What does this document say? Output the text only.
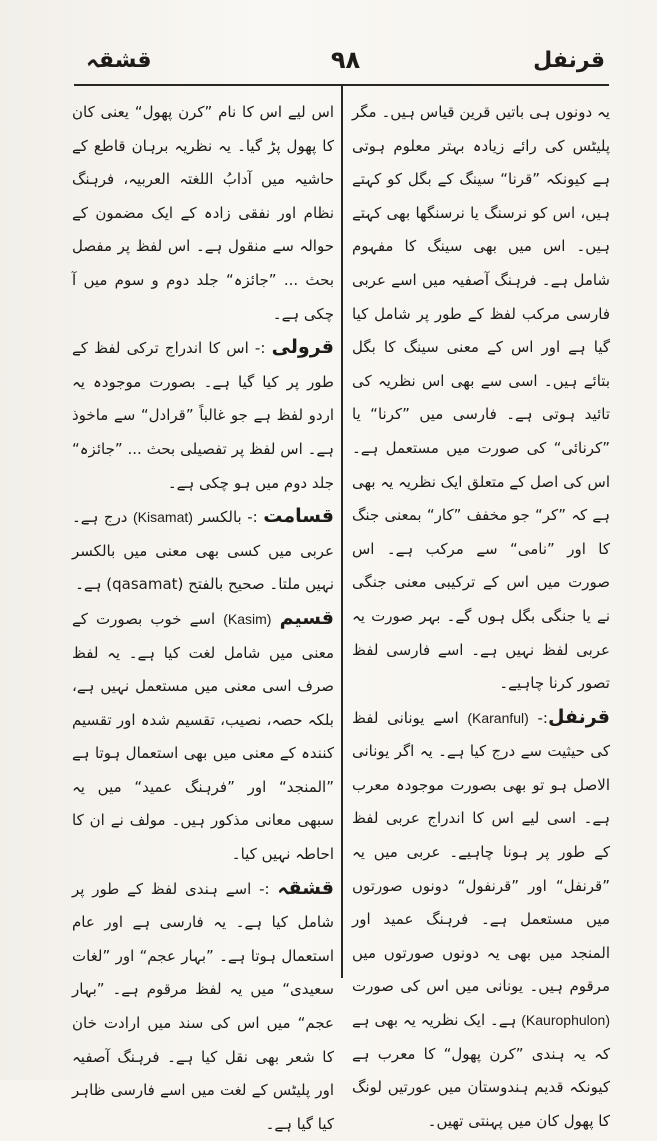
قرنفل
۹۸
قشقہ

یہ دونوں ہی باتیں قرین قیاس ہیں۔ مگر پلیٹس کی رائے زیادہ بہتر معلوم ہوتی ہے کیونکہ ”قرنا“ سینگ کے بگل کو کہتے ہیں، اس کو نرسنگ یا نرسنگھا بھی کہتے ہیں۔ اس میں بھی سینگ کا مفہوم شامل ہے۔ فرہنگ آصفیہ میں اسے عربی فارسی مرکب لفظ کے طور پر شامل کیا گیا ہے اور اس کے معنی سینگ کا بگل بتائے ہیں۔ اسی سے بھی اس نظریہ کی تائید ہوتی ہے۔ فارسی میں ”کرنا“ یا ”کرنائی“ کی صورت میں مستعمل ہے۔ اس کی اصل کے متعلق ایک نظریہ یہ بھی ہے کہ ”کر“ جو مخفف ”کار“ بمعنی جنگ کا اور ”نامی“ سے مرکب ہے۔ اس صورت میں اس کے ترکیبی معنی جنگی نے یا جنگی بگل ہوں گے۔ بہر صورت یہ عربی لفظ نہیں ہے۔ اسے فارسی لفظ تصور کرنا چاہیے۔

قرنفل:- (Karanful) اسے یونانی لفظ کی حیثیت سے درج کیا ہے۔ یہ اگر یونانی الاصل ہو تو بھی بصورت موجودہ معرب ہے۔ اسی لیے اس کا اندراج عربی لفظ کے طور پر ہونا چاہیے۔ عربی میں یہ ”قرنفل“ اور ”قرنفول“ دونوں صورتوں میں مستعمل ہے۔ فرہنگ عمید اور المنجد میں بھی یہ دونوں صورتوں میں مرقوم ہیں۔ یونانی میں اس کی صورت (Kaurophulon) ہے۔ ایک نظریہ یہ بھی ہے کہ یہ ہندی ”کرن پھول“ کا معرب ہے کیونکہ قدیم ہندوستان میں عورتیں لونگ کا پھول کان میں پہنتی تھیں۔

اس لیے اس کا نام ”کرن پھول“ یعنی کان کا پھول پڑ گیا۔ یہ نظریہ برہان قاطع کے حاشیہ میں آدابُ اللغتہ العربیہ، فرہنگ نظام اور نفقی زادہ کے ایک مضمون کے حوالہ سے منقول ہے۔ اس لفظ پر مفصل بحث ... ”جائزہ“ جلد دوم و سوم میں آ چکی ہے۔

قرولی :- اس کا اندراج ترکی لفظ کے طور پر کیا گیا ہے۔ بصورت موجودہ یہ اردو لفظ ہے جو غالباً ”قرادل“ سے ماخوذ ہے۔ اس لفظ پر تفصیلی بحث ... ”جائزہ“ جلد دوم میں ہو چکی ہے۔

قسامت :- بالکسر (Kisamat) درج ہے۔ عربی میں کسی بھی معنی میں بالکسر نہیں ملتا۔ صحیح بالفتح (qasamat) ہے۔

قسیم (Kasim) اسے خوب بصورت کے معنی میں شامل لغت کیا ہے۔ یہ لفظ صرف اسی معنی میں مستعمل نہیں ہے، بلکہ حصہ، نصیب، تقسیم شدہ اور تقسیم کنندہ کے معنی میں بھی استعمال ہوتا ہے ”المنجد“ اور ”فرہنگ عمید“ میں یہ سبھی معانی مذکور ہیں۔ مولف نے ان کا احاطہ نہیں کیا۔

قشقہ :- اسے ہندی لفظ کے طور پر شامل کیا ہے۔ یہ فارسی ہے اور عام استعمال ہوتا ہے۔ ”بہار عجم“ اور ”لغات سعیدی“ میں یہ لفظ مرقوم ہے۔ ”بہار عجم“ میں اس کی سند میں ارادت خان کا شعر بھی نقل کیا ہے۔ فرہنگ آصفیہ اور پلیٹس کے لغت میں اسے فارسی ظاہر کیا گیا ہے۔
